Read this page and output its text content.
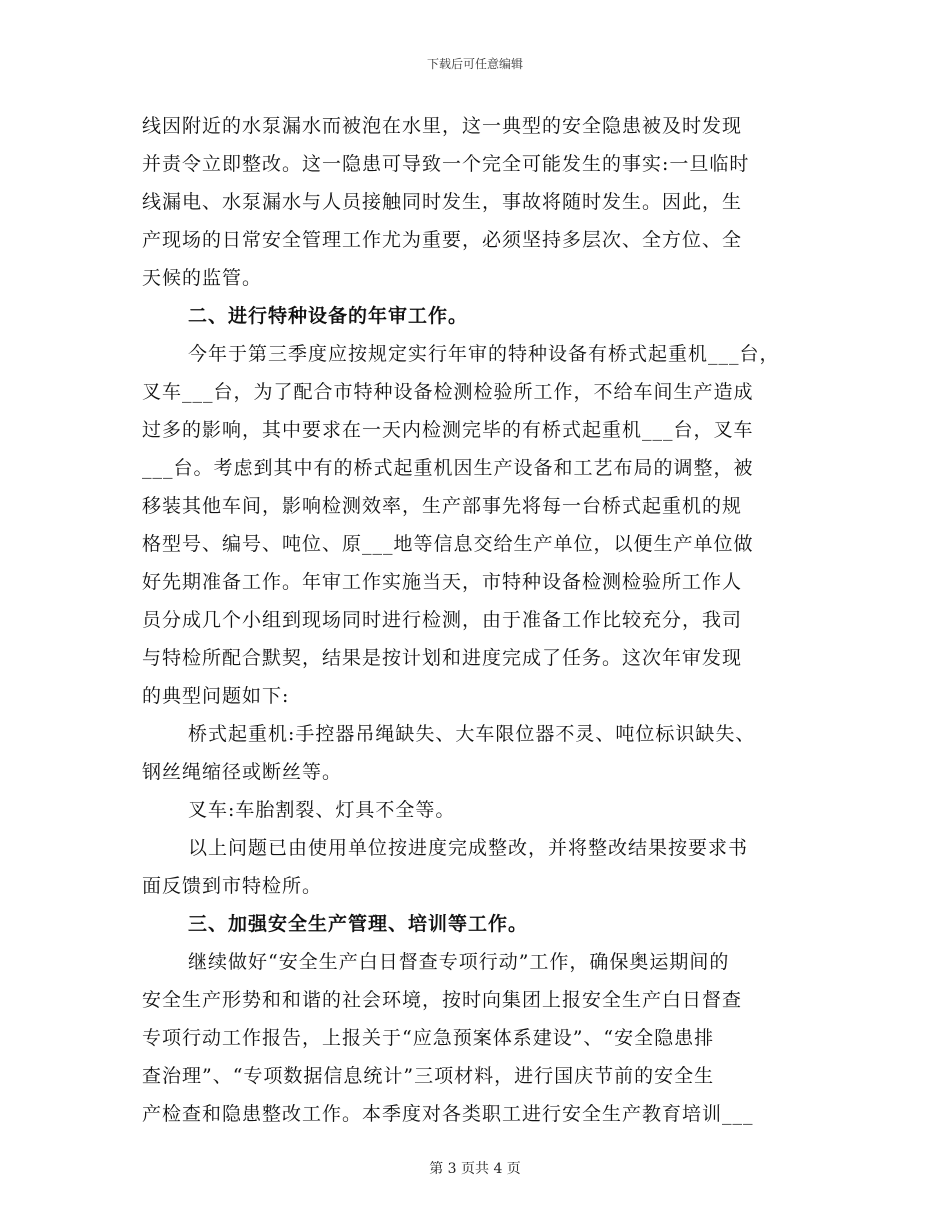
下载后可任意编辑
线因附近的水泵漏水而被泡在水里，这一典型的安全隐患被及时发现
并责令立即整改。这一隐患可导致一个完全可能发生的事实:一旦临时
线漏电、水泵漏水与人员接触同时发生，事故将随时发生。因此，生
产现场的日常安全管理工作尤为重要，必须坚持多层次、全方位、全
天候的监管。
二、进行特种设备的年审工作。
今年于第三季度应按规定实行年审的特种设备有桥式起重机___台，
叉车___台，为了配合市特种设备检测检验所工作，不给车间生产造成
过多的影响，其中要求在一天内检测完毕的有桥式起重机___台，叉车
___台。考虑到其中有的桥式起重机因生产设备和工艺布局的调整，被
移装其他车间，影响检测效率，生产部事先将每一台桥式起重机的规
格型号、编号、吨位、原___地等信息交给生产单位，以便生产单位做
好先期准备工作。年审工作实施当天，市特种设备检测检验所工作人
员分成几个小组到现场同时进行检测，由于准备工作比较充分，我司
与特检所配合默契，结果是按计划和进度完成了任务。这次年审发现
的典型问题如下:
桥式起重机:手控器吊绳缺失、大车限位器不灵、吨位标识缺失、
钢丝绳缩径或断丝等。
叉车:车胎割裂、灯具不全等。
以上问题已由使用单位按进度完成整改，并将整改结果按要求书
面反馈到市特检所。
三、加强安全生产管理、培训等工作。
继续做好“安全生产白日督查专项行动”工作，确保奥运期间的
安全生产形势和和谐的社会环境，按时向集团上报安全生产白日督查
专项行动工作报告，上报关于“应急预案体系建设”、“安全隐患排
查治理”、“专项数据信息统计”三项材料，进行国庆节前的安全生
产检查和隐患整改工作。本季度对各类职工进行安全生产教育培训___
第 3 页共 4 页
